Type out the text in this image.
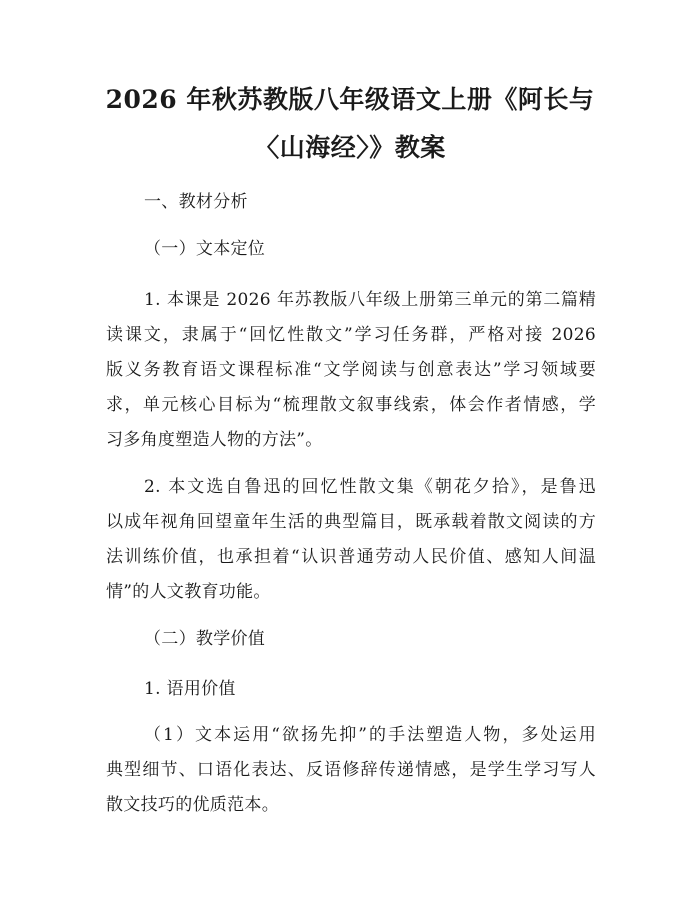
2026 年秋苏教版八年级语文上册《阿长与
〈山海经〉》教案
一、教材分析
（一）文本定位
1. 本课是 2026 年苏教版八年级上册第三单元的第二篇精
读课文，隶属于“回忆性散文”学习任务群，严格对接 2026
版义务教育语文课程标准“文学阅读与创意表达”学习领域要
求，单元核心目标为“梳理散文叙事线索，体会作者情感，学
习多角度塑造人物的方法”。
2. 本文选自鲁迅的回忆性散文集《朝花夕拾》，是鲁迅
以成年视角回望童年生活的典型篇目，既承载着散文阅读的方
法训练价值，也承担着“认识普通劳动人民价值、感知人间温
情”的人文教育功能。
（二）教学价值
1. 语用价值
（1）文本运用“欲扬先抑”的手法塑造人物，多处运用
典型细节、口语化表达、反语修辞传递情感，是学生学习写人
散文技巧的优质范本。
